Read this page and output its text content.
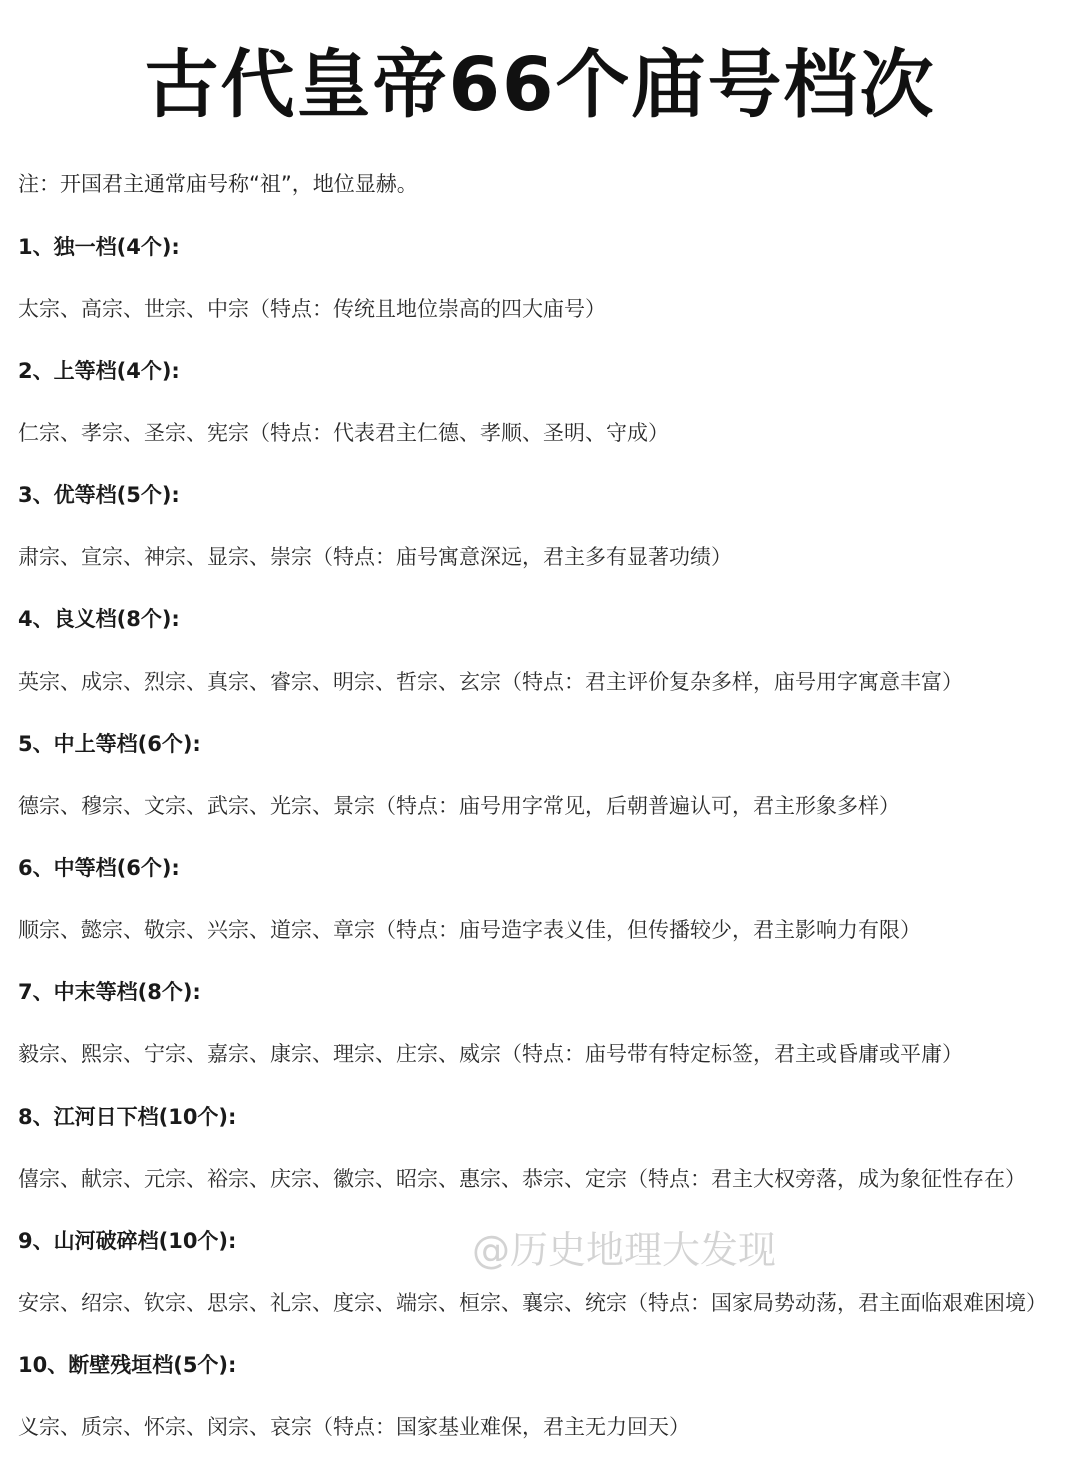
古代皇帝66个庙号档次
注：开国君主通常庙号称“祖”，地位显赫。
1、独一档(4个):
太宗、高宗、世宗、中宗（特点：传统且地位崇高的四大庙号）
2、上等档(4个):
仁宗、孝宗、圣宗、宪宗（特点：代表君主仁德、孝顺、圣明、守成）
3、优等档(5个):
肃宗、宣宗、神宗、显宗、崇宗（特点：庙号寓意深远，君主多有显著功绩）
4、良义档(8个):
英宗、成宗、烈宗、真宗、睿宗、明宗、哲宗、玄宗（特点：君主评价复杂多样，庙号用字寓意丰富）
5、中上等档(6个):
德宗、穆宗、文宗、武宗、光宗、景宗（特点：庙号用字常见，后朝普遍认可，君主形象多样）
6、中等档(6个):
顺宗、懿宗、敬宗、兴宗、道宗、章宗（特点：庙号造字表义佳，但传播较少，君主影响力有限）
7、中末等档(8个):
毅宗、熙宗、宁宗、嘉宗、康宗、理宗、庄宗、威宗（特点：庙号带有特定标签，君主或昏庸或平庸）
8、江河日下档(10个):
僖宗、献宗、元宗、裕宗、庆宗、徽宗、昭宗、惠宗、恭宗、定宗（特点：君主大权旁落，成为象征性存在）
@历史地理大发现
9、山河破碎档(10个):
安宗、绍宗、钦宗、思宗、礼宗、度宗、端宗、桓宗、襄宗、统宗（特点：国家局势动荡，君主面临艰难困境）
10、断壁残垣档(5个):
义宗、质宗、怀宗、闵宗、哀宗（特点：国家基业难保，君主无力回天）
